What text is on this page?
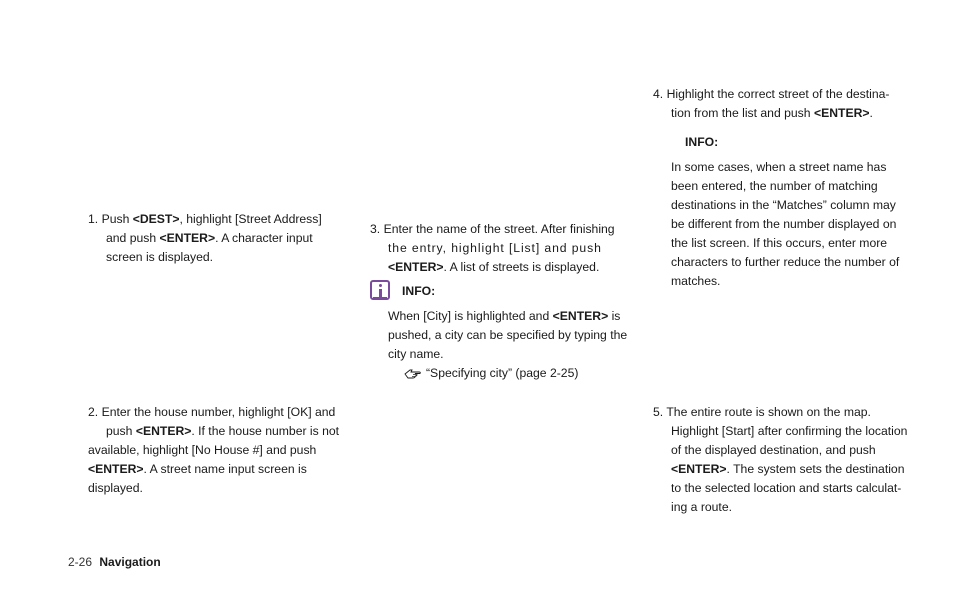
1. Push <DEST>, highlight [Street Address]
and push <ENTER>. A character input
screen is displayed.
2. Enter the house number, highlight [OK] and
push <ENTER>. If the house number is not
available, highlight [No House #] and push
<ENTER>. A street name input screen is
displayed.
3. Enter the name of the street. After finishing
the entry, highlight [List] and push
<ENTER>. A list of streets is displayed.
INFO:
When [City] is highlighted and <ENTER> is
pushed, a city can be specified by typing the
city name.
“Specifying city” (page 2-25)
4. Highlight the correct street of the destina-
tion from the list and push <ENTER>.
INFO:
In some cases, when a street name has
been entered, the number of matching
destinations in the “Matches” column may
be different from the number displayed on
the list screen. If this occurs, enter more
characters to further reduce the number of
matches.
5. The entire route is shown on the map.
Highlight [Start] after confirming the location
of the displayed destination, and push
<ENTER>. The system sets the destination
to the selected location and starts calculat-
ing a route.
2-26 Navigation
